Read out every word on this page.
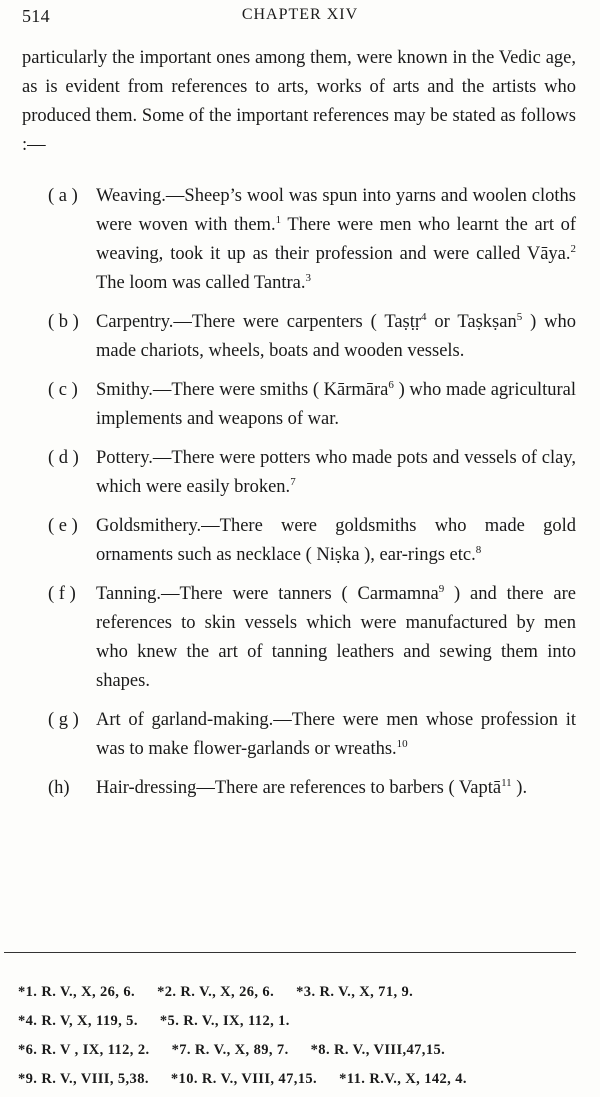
514	CHAPTER XIV

particularly the important ones among them, were known in the Vedic age, as is evident from references to arts, works of arts and the artists who produced them. Some of the important references may be stated as follows :—

( a ) Weaving.—Sheep’s wool was spun into yarns and woolen cloths were woven with them.$^1$ There were men who learnt the art of weaving, took it up as their profession and were called Vāya.$^2$ The loom was called Tantra.$^3$

( b ) Carpentry.—There were carpenters ( Taṣṭṛ$^4$ or Taṣkṣan$^5$ ) who made chariots, wheels, boats and wooden vessels.

( c ) Smithy.—There were smiths ( Kārmāra$^6$ ) who made agricultural implements and weapons of war.

( d ) Pottery.—There were potters who made pots and vessels of clay, which were easily broken.$^7$

( e ) Goldsmithery.—There were goldsmiths who made gold ornaments such as necklace ( Niṣka ), ear-rings etc.$^8$

( f )	Tanning.—There were tanners ( Carmamna$^9$ ) and there are references to skin vessels which were manufactured by men who knew the art of tanning leathers and sewing them into shapes.

( g ) Art of garland-making.—There were men whose profession it was to make flower-garlands or wreaths.$^{10}$

(h)	Hair-dressing—There are references to barbers ( Vaptā$^{11}$ ).

*1. R. V., X, 26, 6. *2. R. V., X, 26, 6. *3. R. V., X, 71, 9.
*4. R. V, X, 119, 5. *5. R. V., IX, 112, 1.
*6. R. V , IX, 112, 2. *7. R. V., X, 89, 7. *8. R. V., VIII,47,15.
*9. R. V., VIII, 5,38. *10. R. V., VIII, 47,15. *11. R.V., X, 142, 4.
